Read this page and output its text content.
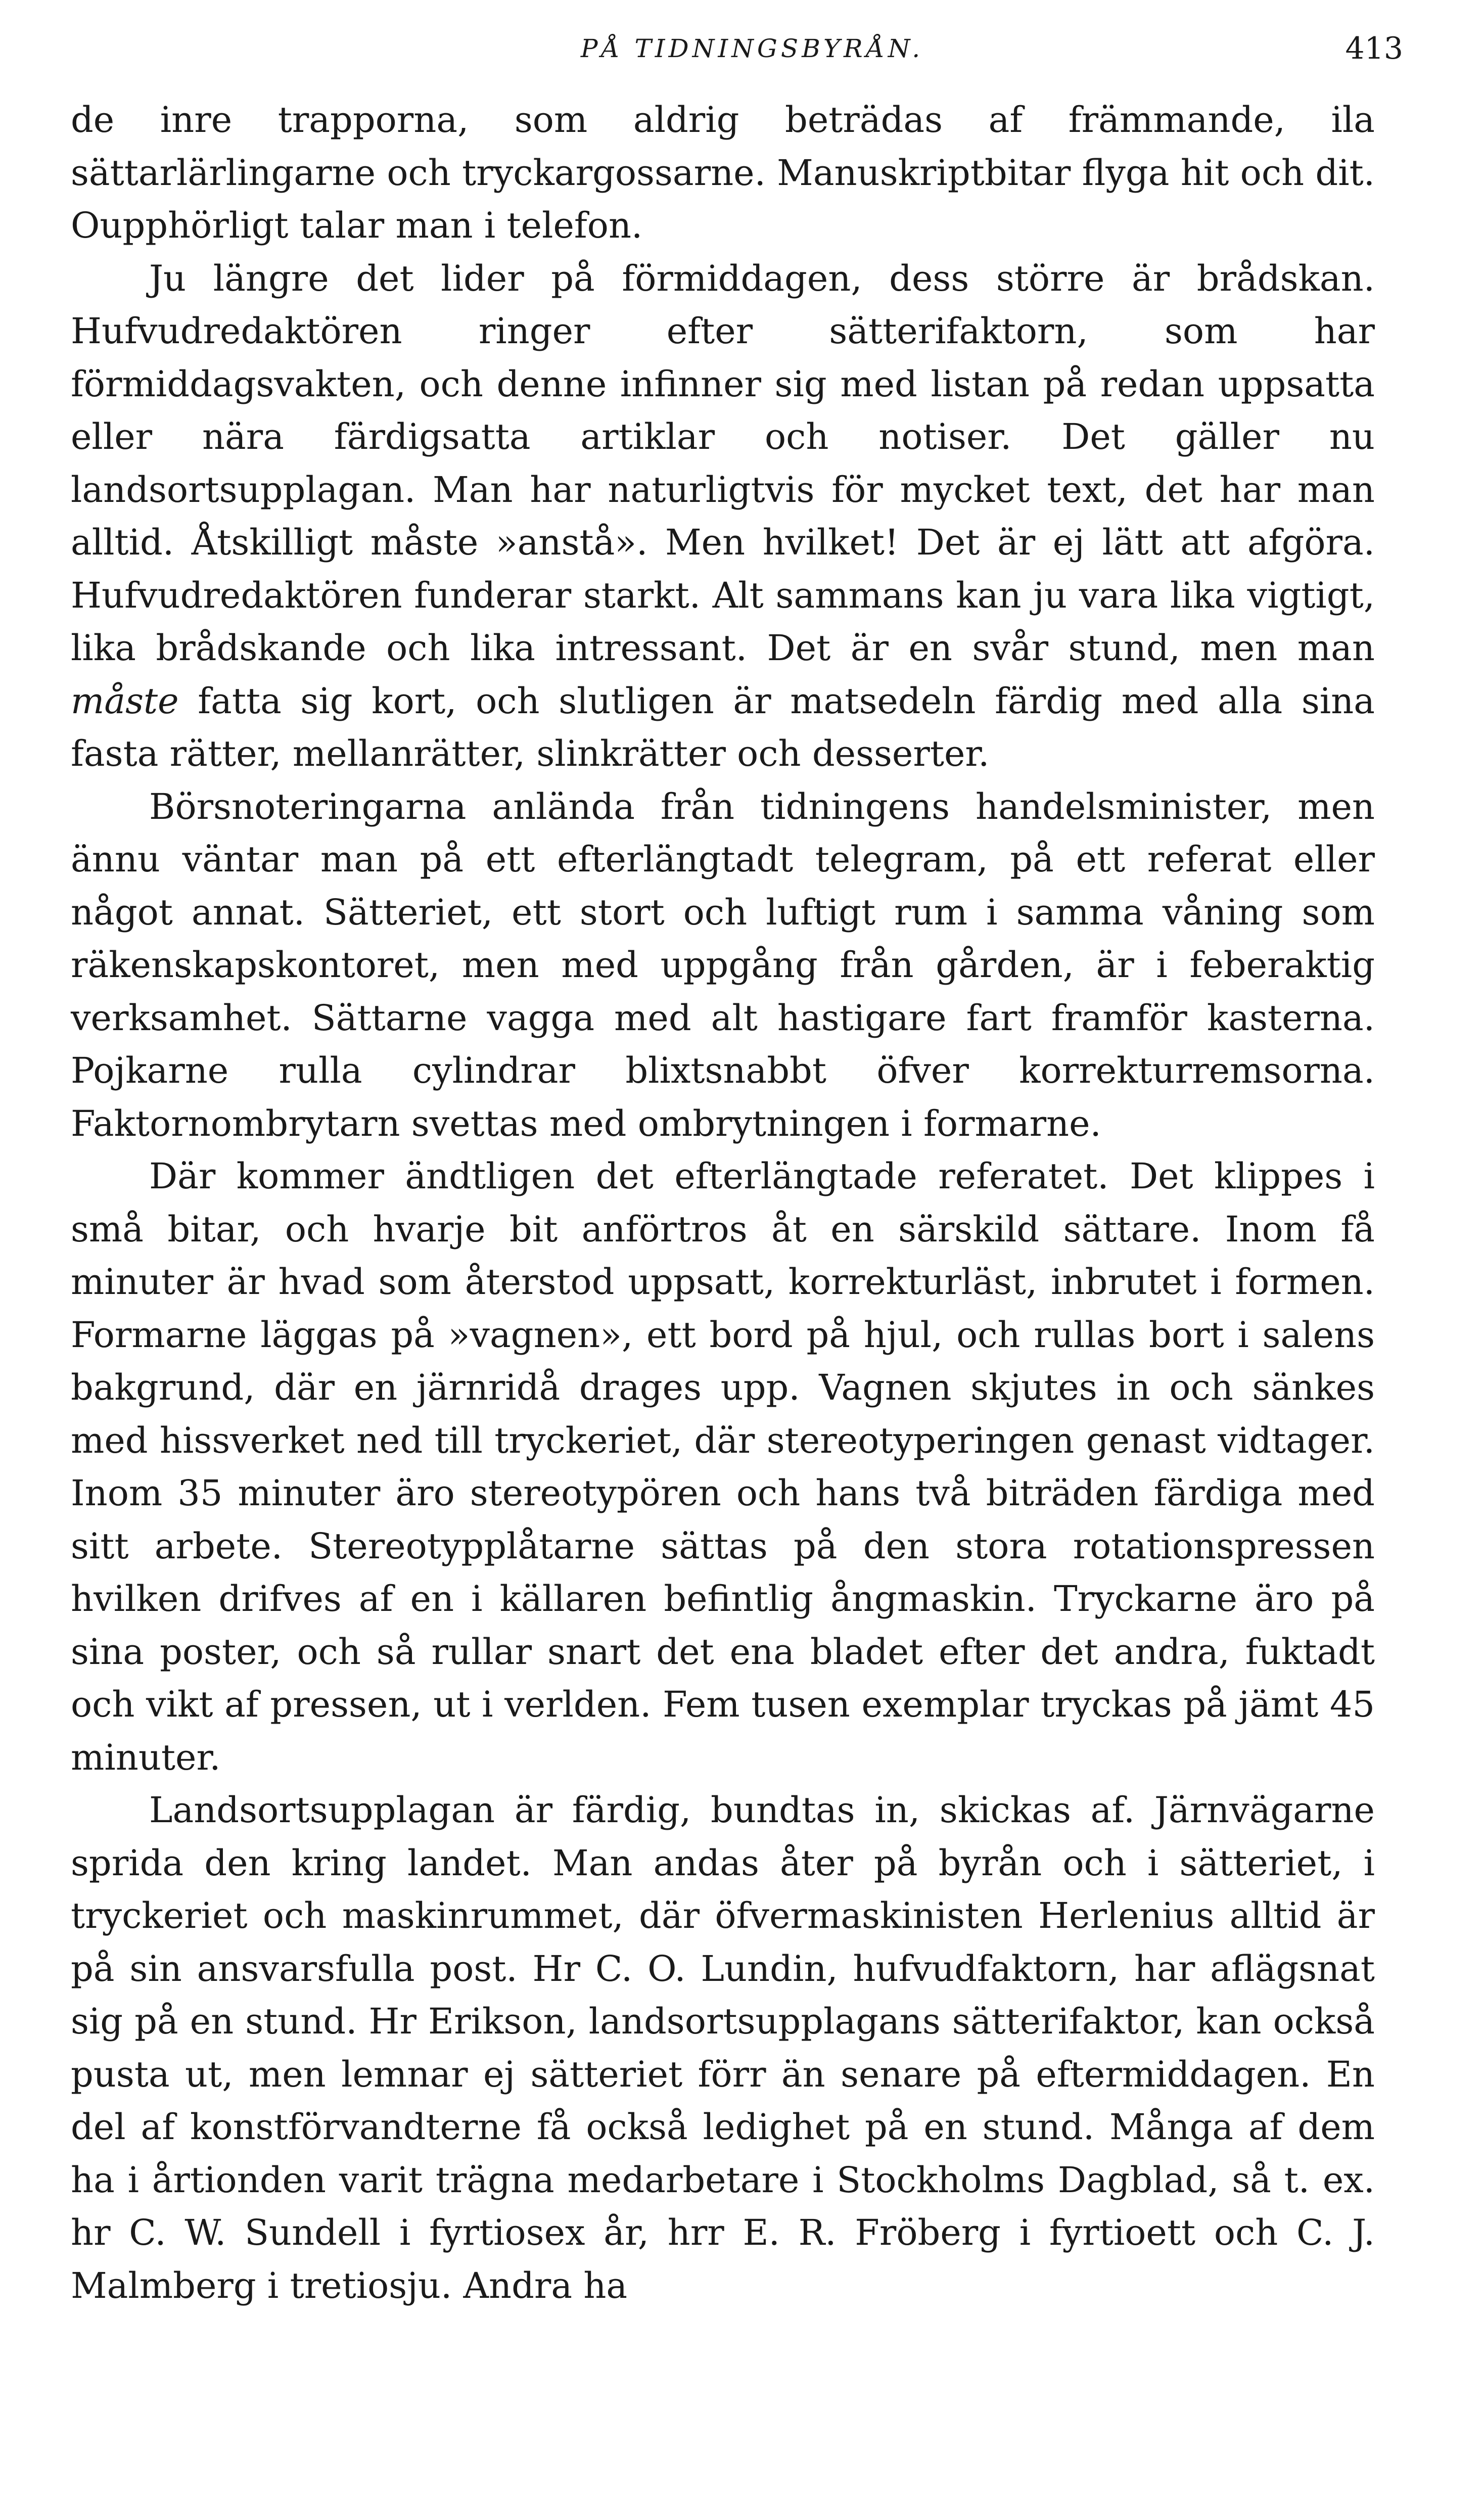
PÅ TIDNINGSBYRÅN.	413

de inre trapporna, som aldrig beträdas af främmande, ila sättarlärlingarne och tryckargossarne. Manuskriptbitar flyga hit och dit. Oupphörligt talar man i telefon.

Ju längre det lider på förmiddagen, dess större är brådskan. Hufvudredaktören ringer efter sätterifaktorn, som har förmiddagsvakten, och denne infinner sig med listan på redan uppsatta eller nära färdigsatta artiklar och notiser. Det gäller nu landsortsupplagan. Man har naturligtvis för mycket text, det har man alltid. Åtskilligt måste »anstå». Men hvilket! Det är ej lätt att afgöra. Hufvudredaktören funderar starkt. Alt sammans kan ju vara lika vigtigt, lika brådskande och lika intressant. Det är en svår stund, men man måste fatta sig kort, och slutligen är matsedeln färdig med alla sina fasta rätter, mellanrätter, slinkrätter och desserter.

Börsnoteringarna anlända från tidningens handelsminister, men ännu väntar man på ett efterlängtadt telegram, på ett referat eller något annat. Sätteriet, ett stort och luftigt rum i samma våning som räkenskapskontoret, men med uppgång från gården, är i feberaktig verksamhet. Sättarne vagga med alt hastigare fart framför kasterna. Pojkarne rulla cylindrar blixtsnabbt öfver korrekturremsorna. Faktornombrytarn svettas med ombrytningen i formarne.

Där kommer ändtligen det efterlängtade referatet. Det klippes i små bitar, och hvarje bit anförtros åt en särskild sättare. Inom få minuter är hvad som återstod uppsatt, korrekturläst, inbrutet i formen. Formarne läggas på »vagnen», ett bord på hjul, och rullas bort i salens bakgrund, där en järnridå drages upp. Vagnen skjutes in och sänkes med hissverket ned till tryckeriet, där stereotyperingen genast vidtager. Inom 35 minuter äro stereotypören och hans två biträden färdiga med sitt arbete. Stereotypplåtarne sättas på den stora rotationspressen hvilken drifves af en i källaren befintlig ångmaskin. Tryckarne äro på sina poster, och så rullar snart det ena bladet efter det andra, fuktadt och vikt af pressen, ut i verlden. Fem tusen exemplar tryckas på jämt 45 minuter.

Landsortsupplagan är färdig, bundtas in, skickas af. Järnvägarne sprida den kring landet. Man andas åter på byrån och i sätteriet, i tryckeriet och maskinrummet, där öfvermaskinisten Herlenius alltid är på sin ansvarsfulla post. Hr C. O. Lundin, hufvudfaktorn, har aflägsnat sig på en stund. Hr Erikson, landsortsupplagans sätterifaktor, kan också pusta ut, men lemnar ej sätteriet förr än senare på eftermiddagen. En del af konstförvandterne få också ledighet på en stund. Många af dem ha i årtionden varit trägna medarbetare i Stockholms Dagblad, så t. ex. hr C. W. Sundell i fyrtiosex år, hrr E. R. Fröberg i fyrtioett och C. J. Malmberg i tretiosju. Andra ha
